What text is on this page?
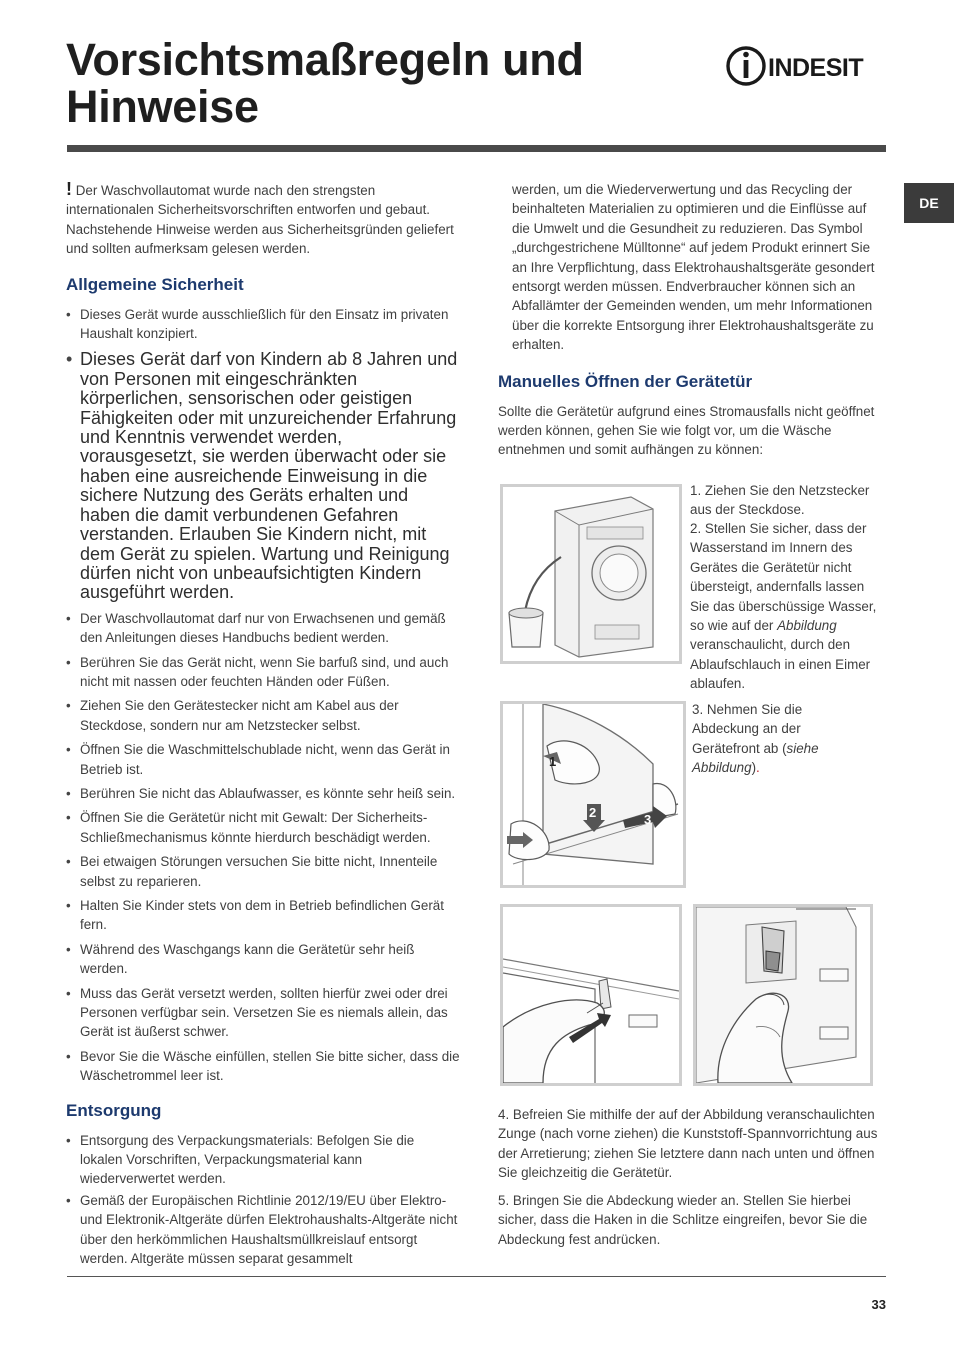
Vorsichtsmaßregeln und Hinweise
INDESIT
DE

! Der Waschvollautomat wurde nach den strengsten internationalen Sicherheitsvorschriften entworfen und gebaut. Nachstehende Hinweise werden aus Sicherheitsgründen geliefert und sollten aufmerksam gelesen werden.

Allgemeine Sicherheit
• Dieses Gerät wurde ausschließlich für den Einsatz im privaten Haushalt konzipiert.
• Dieses Gerät darf von Kindern ab 8 Jahren und von Personen mit eingeschränkten körperlichen, sensorischen oder geistigen Fähigkeiten oder mit unzureichender Erfahrung und Kenntnis verwendet werden, vorausgesetzt, sie werden überwacht oder sie haben eine ausreichende Einweisung in die sichere Nutzung des Geräts erhalten und haben die damit verbundenen Gefahren verstanden. Erlauben Sie Kindern nicht, mit dem Gerät zu spielen. Wartung und Reinigung dürfen nicht von unbeaufsichtigten Kindern ausgeführt werden.
• Der Waschvollautomat darf nur von Erwachsenen und gemäß den Anleitungen dieses Handbuchs bedient werden.
• Berühren Sie das Gerät nicht, wenn Sie barfuß sind, und auch nicht mit nassen oder feuchten Händen oder Füßen.
• Ziehen Sie den Gerätestecker nicht am Kabel aus der Steckdose, sondern nur am Netzstecker selbst.
• Öffnen Sie die Waschmittelschublade nicht, wenn das Gerät in Betrieb ist.
• Berühren Sie nicht das Ablaufwasser, es könnte sehr heiß sein.
• Öffnen Sie die Gerätetür nicht mit Gewalt: Der Sicherheits-Schließmechanismus könnte hierdurch beschädigt werden.
• Bei etwaigen Störungen versuchen Sie bitte nicht, Innenteile selbst zu reparieren.
• Halten Sie Kinder stets von dem in Betrieb befindlichen Gerät fern.
• Während des Waschgangs kann die Gerätetür sehr heiß werden.
• Muss das Gerät versetzt werden, sollten hierfür zwei oder drei Personen verfügbar sein. Versetzen Sie es niemals allein, das Gerät ist äußerst schwer.
• Bevor Sie die Wäsche einfüllen, stellen Sie bitte sicher, dass die Wäschetrommel leer ist.
Entsorgung
• Entsorgung des Verpackungsmaterials: Befolgen Sie die lokalen Vorschriften, Verpackungsmaterial kann wiederverwertet werden.
• Gemäß der Europäischen Richtlinie 2012/19/EU über Elektro- und Elektronik-Altgeräte dürfen Elektrohaushalts-Altgeräte nicht über den herkömmlichen Haushaltsmüllkreislauf entsorgt werden. Altgeräte müssen separat gesammelt

werden, um die Wiederverwertung und das Recycling der beinhalteten Materialien zu optimieren und die Einflüsse auf die Umwelt und die Gesundheit zu reduzieren. Das Symbol „durchgestrichene Mülltonne“ auf jedem Produkt erinnert Sie an Ihre Verpflichtung, dass Elektrohaushaltsgeräte gesondert entsorgt werden müssen. Endverbraucher können sich an Abfallämter der Gemeinden wenden, um mehr Informationen über die korrekte Entsorgung ihrer Elektrohaushaltsgeräte zu erhalten.

Manuelles Öffnen der Gerätetür

Sollte die Gerätetür aufgrund eines Stromausfalls nicht geöffnet werden können, gehen Sie wie folgt vor, um die Wäsche entnehmen und somit aufhängen zu können:

1. Ziehen Sie den Netzstecker aus der Steckdose.
2. Stellen Sie sicher, dass der Wasserstand im Innern des Gerätes die Gerätetür nicht übersteigt, andernfalls lassen Sie das überschüssige Wasser, so wie auf der Abbildung veranschaulicht, durch den Ablaufschlauch in einen Eimer ablaufen.
1
2	3
3. Nehmen Sie die Abdeckung an der Gerätefront ab (siehe Abbildung).
4. Befreien Sie mithilfe der auf der Abbildung veranschaulichten Zunge (nach vorne ziehen) die Kunststoff-Spannvorrichtung aus der Arretierung; ziehen Sie letztere dann nach unten und öffnen Sie gleichzeitig die Gerätetür.
5. Bringen Sie die Abdeckung wieder an. Stellen Sie hierbei sicher, dass die Haken in die Schlitze eingreifen, bevor Sie die Abdeckung fest andrücken.
33
